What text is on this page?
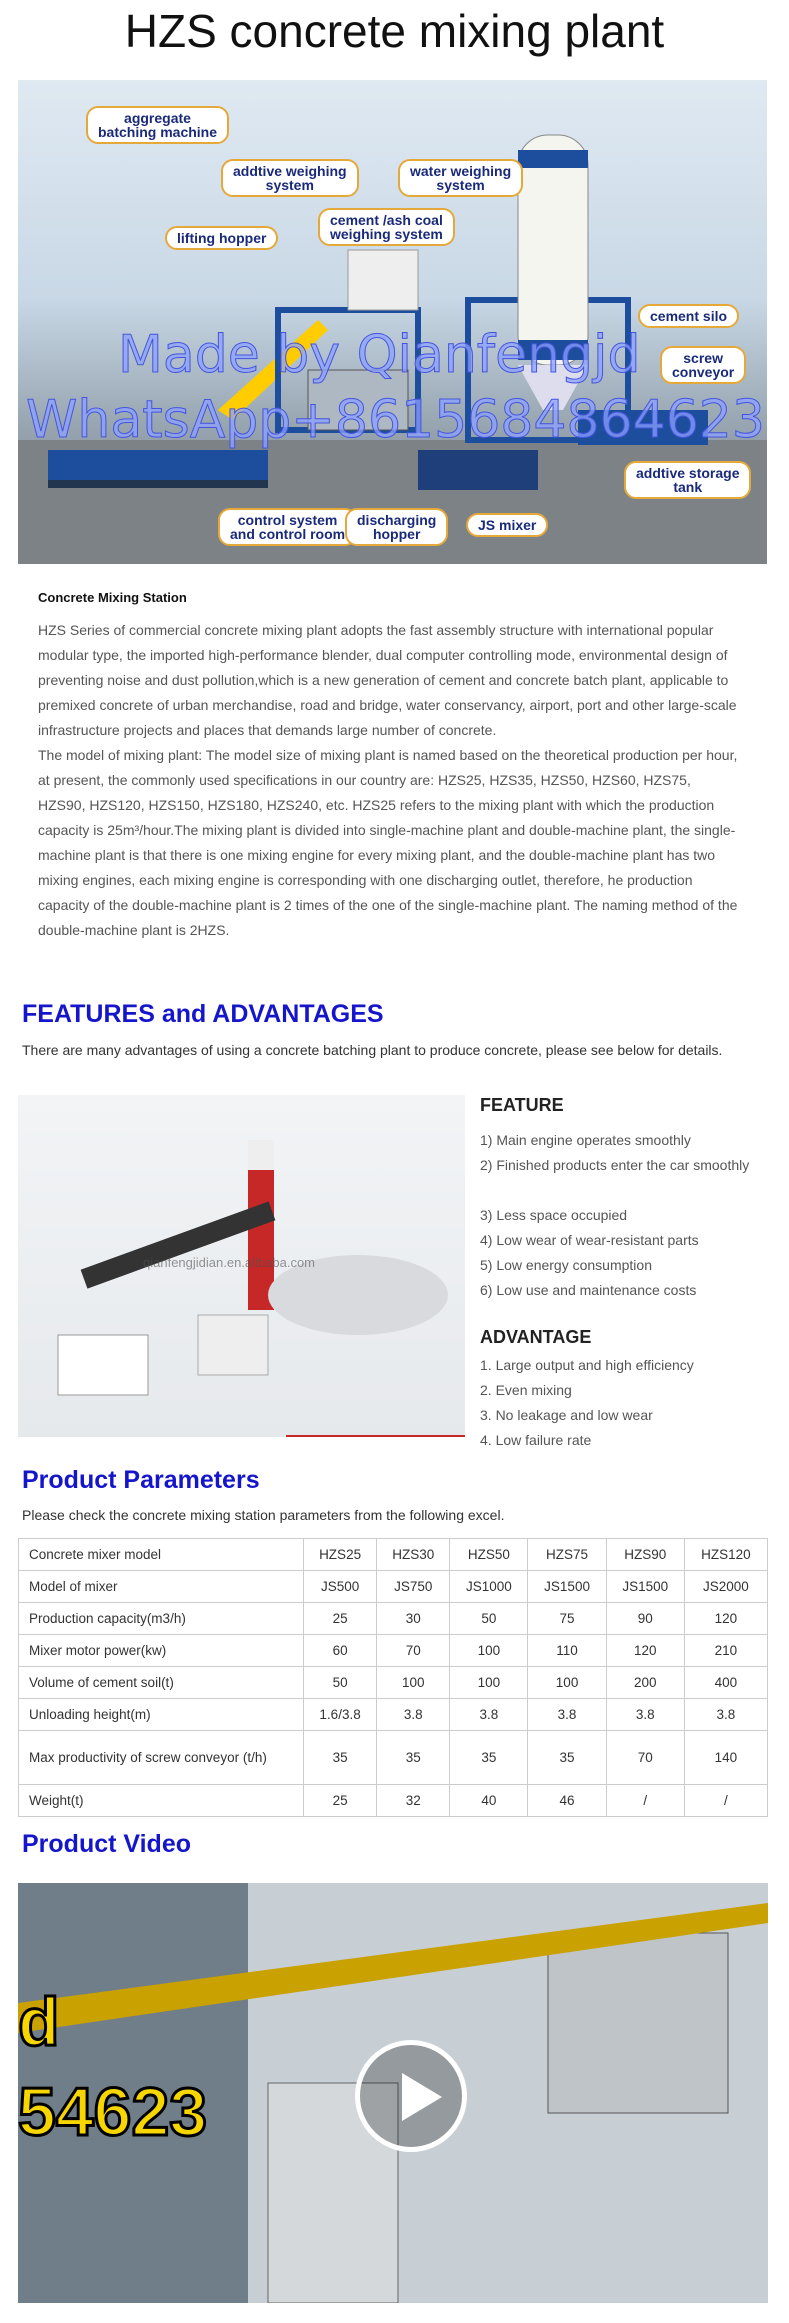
HZS concrete mixing plant
aggregate
batching machine
addtive weighing
system
water weighing
system
lifting hopper
cement /ash coal
weighing system
cement silo
screw
conveyor
addtive storage
tank
control system
and control room
discharging
hopper
JS mixer
Made by Qianfengjd
WhatsApp+8615684864623
Concrete Mixing Station

HZS Series of commercial concrete mixing plant adopts the fast assembly structure with international popular modular type, the imported high-performance blender, dual computer controlling mode, environmental design of preventing noise and dust pollution,which is a new generation of cement and concrete batch plant, applicable to premixed concrete of urban merchandise, road and bridge, water conservancy, airport, port and other large-scale infrastructure projects and places that demands large number of concrete.

The model of mixing plant: The model size of mixing plant is named based on the theoretical production per hour, at present, the commonly used specifications in our country are: HZS25, HZS35, HZS50, HZS60, HZS75, HZS90, HZS120, HZS150, HZS180, HZS240, etc. HZS25 refers to the mixing plant with which the production capacity is 25m³/hour.The mixing plant is divided into single-machine plant and double-machine plant, the single-machine plant is that there is one mixing engine for every mixing plant, and the double-machine plant has two mixing engines, each mixing engine is corresponding with one discharging outlet, therefore, he production capacity of the double-machine plant is 2 times of the one of the single-machine plant. The naming method of the double-machine plant is 2HZS.

FEATURES and ADVANTAGES
There are many advantages of using a concrete batching plant to produce concrete, please see below for details.
qianfengjidian.en.alibaba.com
FEATURE
1) Main engine operates smoothly
2) Finished products enter the car smoothly
3) Less space occupied
4) Low wear of wear-resistant parts
5) Low energy consumption
6) Low use and maintenance costs
ADVANTAGE
1. Large output and high efficiency
2. Even mixing
3. No leakage and low wear
4. Low failure rate
Product Parameters
Please check the concrete mixing station parameters from the following excel.
Concrete mixer model	HZS25	HZS30	HZS50	HZS75	HZS90	HZS120
Model of mixer	JS500	JS750	JS1000	JS1500	JS1500	JS2000
Production capacity(m3/h)	25	30	50	75	90	120
Mixer motor power(kw)	60	70	100	110	120	210
Volume of cement soil(t)	50	100	100	100	200	400
Unloading height(m)	1.6/3.8	3.8	3.8	3.8	3.8	3.8
Max productivity of screw conveyor (t/h)	35	35	35	35	70	140
Weight(t)	25	32	40	46	/	/
Product Video
d
54623
